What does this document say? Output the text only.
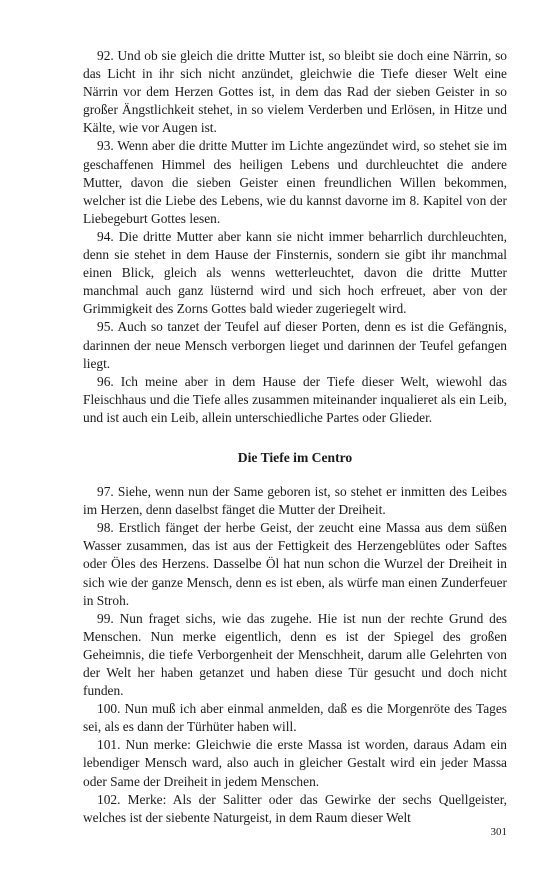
92. Und ob sie gleich die dritte Mutter ist, so bleibt sie doch eine Närrin, so das Licht in ihr sich nicht anzündet, gleichwie die Tiefe dieser Welt eine Närrin vor dem Herzen Gottes ist, in dem das Rad der sieben Geister in so großer Ängstlichkeit stehet, in so vielem Verderben und Erlösen, in Hitze und Kälte, wie vor Augen ist.

93. Wenn aber die dritte Mutter im Lichte angezündet wird, so stehet sie im geschaffenen Himmel des heiligen Lebens und durchleuchtet die andere Mutter, davon die sieben Geister einen freundlichen Willen bekommen, welcher ist die Liebe des Lebens, wie du kannst davorne im 8. Kapitel von der Liebegeburt Gottes lesen.

94. Die dritte Mutter aber kann sie nicht immer beharrlich durchleuchten, denn sie stehet in dem Hause der Finsternis, sondern sie gibt ihr manchmal einen Blick, gleich als wenns wetterleuchtet, davon die dritte Mutter manchmal auch ganz lüsternd wird und sich hoch erfreuet, aber von der Grimmigkeit des Zorns Gottes bald wieder zugeriegelt wird.

95. Auch so tanzet der Teufel auf dieser Porten, denn es ist die Gefängnis, darinnen der neue Mensch verborgen lieget und darinnen der Teufel gefangen liegt.

96. Ich meine aber in dem Hause der Tiefe dieser Welt, wiewohl das Fleischhaus und die Tiefe alles zusammen miteinander inqualieret als ein Leib, und ist auch ein Leib, allein unterschiedliche Partes oder Glieder.

Die Tiefe im Centro

97. Siehe, wenn nun der Same geboren ist, so stehet er inmitten des Leibes im Herzen, denn daselbst fänget die Mutter der Dreiheit.

98. Erstlich fänget der herbe Geist, der zeucht eine Massa aus dem süßen Wasser zusammen, das ist aus der Fettigkeit des Herzengeblütes oder Saftes oder Öles des Herzens. Dasselbe Öl hat nun schon die Wurzel der Dreiheit in sich wie der ganze Mensch, denn es ist eben, als würfe man einen Zunderfeuer in Stroh.

99. Nun fraget sichs, wie das zugehe. Hie ist nun der rechte Grund des Menschen. Nun merke eigentlich, denn es ist der Spiegel des großen Geheimnis, die tiefe Verborgenheit der Menschheit, darum alle Gelehrten von der Welt her haben getanzet und haben diese Tür gesucht und doch nicht funden.

100. Nun muß ich aber einmal anmelden, daß es die Morgenröte des Tages sei, als es dann der Türhüter haben will.

101. Nun merke: Gleichwie die erste Massa ist worden, daraus Adam ein lebendiger Mensch ward, also auch in gleicher Gestalt wird ein jeder Massa oder Same der Dreiheit in jedem Menschen.

102. Merke: Als der Salitter oder das Gewirke der sechs Quellgeister, welches ist der siebente Naturgeist, in dem Raum dieser Welt

301
